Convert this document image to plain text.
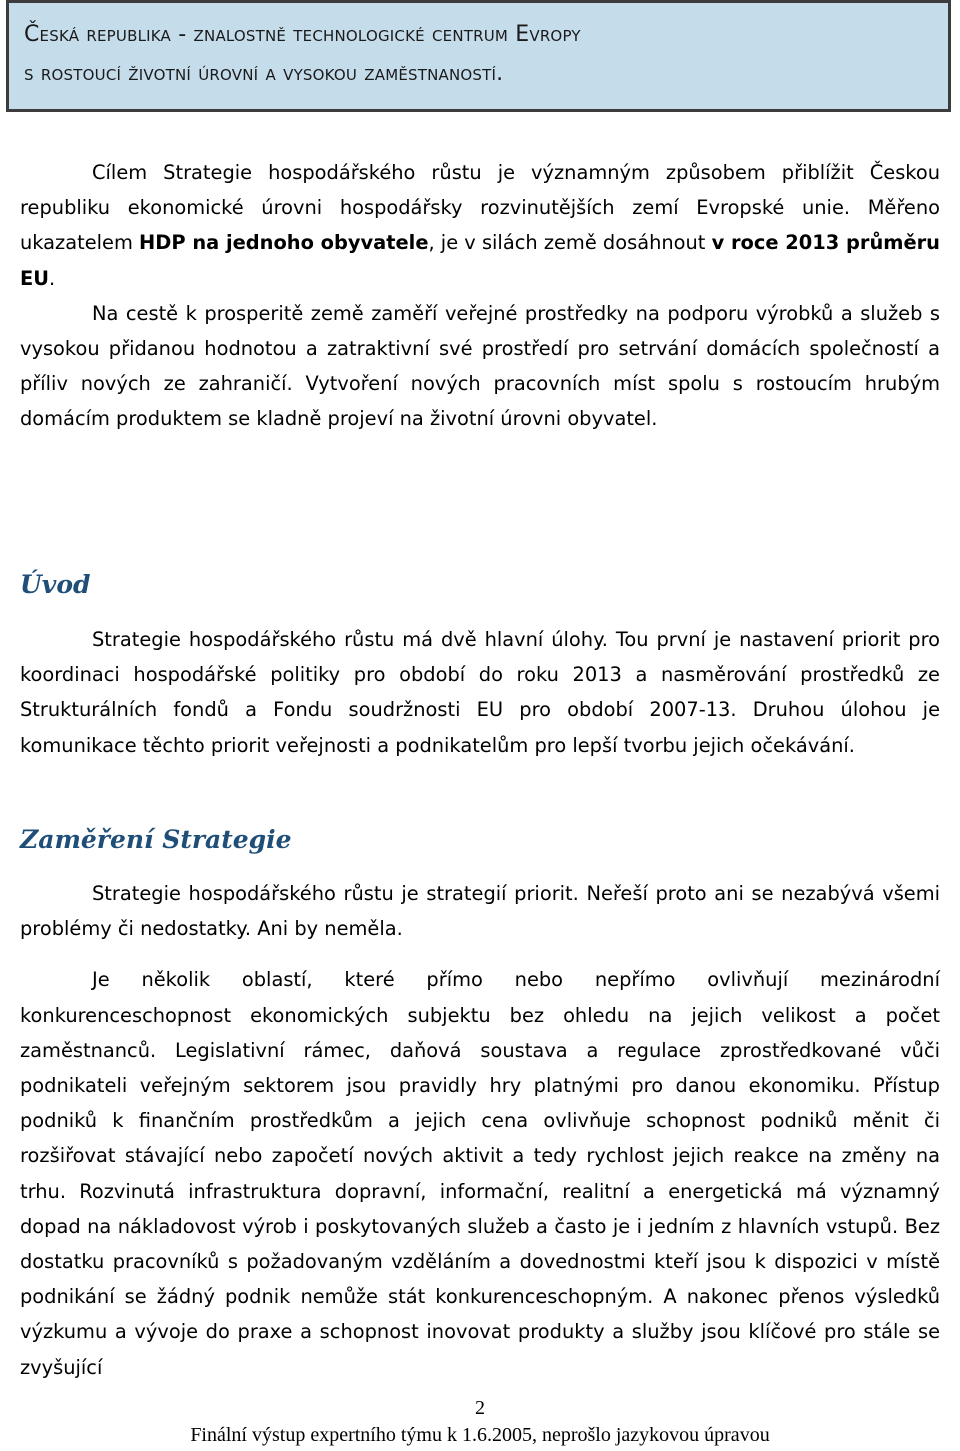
Česká republika - znalostně technologické centrum Evropy
s rostoucí životní úrovní a vysokou zaměstnaností.

Cílem Strategie hospodářského růstu je významným způsobem přiblížit Českou republiku ekonomické úrovni hospodářsky rozvinutějších zemí Evropské unie. Měřeno ukazatelem HDP na jednoho obyvatele, je v silách země dosáhnout v roce 2013 průměru EU.

Na cestě k prosperitě země zaměří veřejné prostředky na podporu výrobků a služeb s vysokou přidanou hodnotou a zatraktivní své prostředí pro setrvání domácích společností a příliv nových ze zahraničí. Vytvoření nových pracovních míst spolu s rostoucím hrubým domácím produktem se kladně projeví na životní úrovni obyvatel.

Úvod

Strategie hospodářského růstu má dvě hlavní úlohy. Tou první je nastavení priorit pro koordinaci hospodářské politiky pro období do roku 2013 a nasměrování prostředků ze Strukturálních fondů a Fondu soudržnosti EU pro období 2007-13. Druhou úlohou je komunikace těchto priorit veřejnosti a podnikatelům pro lepší tvorbu jejich očekávání.

Zaměření Strategie

Strategie hospodářského růstu je strategií priorit. Neřeší proto ani se nezabývá všemi problémy či nedostatky. Ani by neměla.

Je několik oblastí, které přímo nebo nepřímo ovlivňují mezinárodní konkurenceschopnost ekonomických subjektu bez ohledu na jejich velikost a počet zaměstnanců. Legislativní rámec, daňová soustava a regulace zprostředkované vůči podnikateli veřejným sektorem jsou pravidly hry platnými pro danou ekonomiku. Přístup podniků k finančním prostředkům a jejich cena ovlivňuje schopnost podniků měnit či rozšiřovat stávající nebo započetí nových aktivit a tedy rychlost jejich reakce na změny na trhu. Rozvinutá infrastruktura dopravní, informační, realitní a energetická má významný dopad na nákladovost výrob i poskytovaných služeb a často je i jedním z hlavních vstupů. Bez dostatku pracovníků s požadovaným vzděláním a dovednostmi kteří jsou k dispozici v místě podnikání se žádný podnik nemůže stát konkurenceschopným. A nakonec přenos výsledků výzkumu a vývoje do praxe a schopnost inovovat produkty a služby jsou klíčové pro stále se zvyšující

2
Finální výstup expertního týmu k 1.6.2005, neprošlo jazykovou úpravou
